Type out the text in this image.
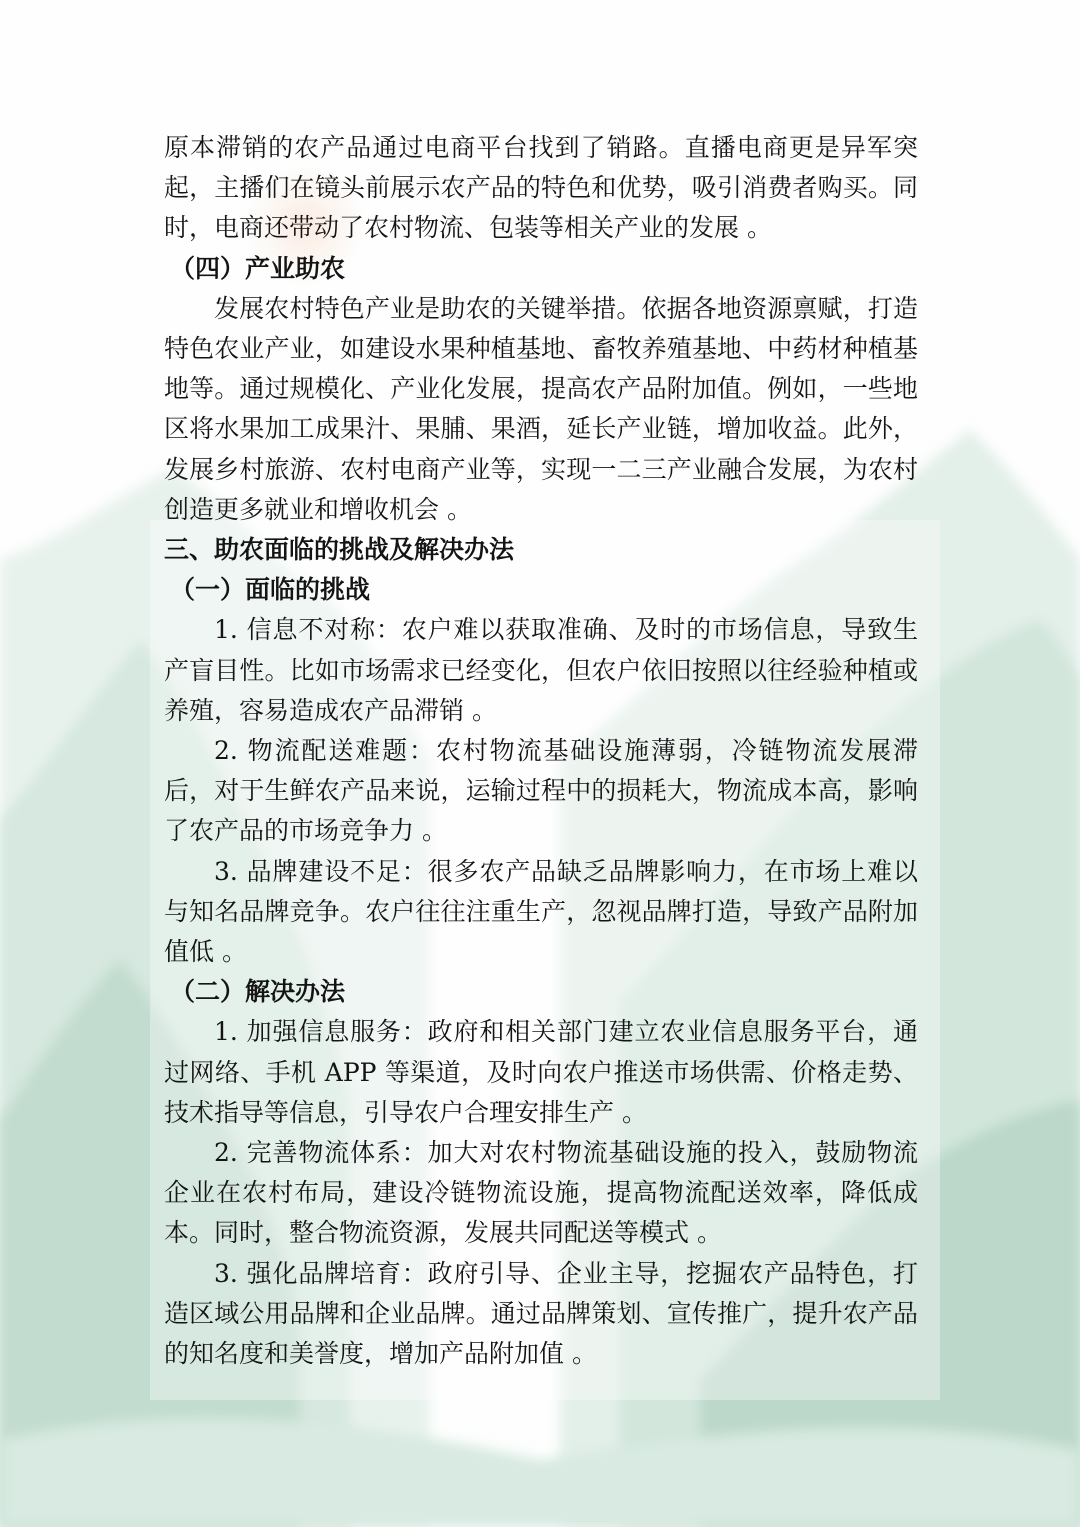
原本滞销的农产品通过电商平台找到了销路。直播电商更是异军突起，主播们在镜头前展示农产品的特色和优势，吸引消费者购买。同时，电商还带动了农村物流、包装等相关产业的发展 。

（四）产业助农

发展农村特色产业是助农的关键举措。依据各地资源禀赋，打造特色农业产业，如建设水果种植基地、畜牧养殖基地、中药材种植基地等。通过规模化、产业化发展，提高农产品附加值。例如，一些地区将水果加工成果汁、果脯、果酒，延长产业链，增加收益。此外，发展乡村旅游、农村电商产业等，实现一二三产业融合发展，为农村创造更多就业和增收机会 。

三、助农面临的挑战及解决办法
（一）面临的挑战

1. 信息不对称：农户难以获取准确、及时的市场信息，导致生产盲目性。比如市场需求已经变化，但农户依旧按照以往经验种植或养殖，容易造成农产品滞销 。

2. 物流配送难题：农村物流基础设施薄弱，冷链物流发展滞后，对于生鲜农产品来说，运输过程中的损耗大，物流成本高，影响了农产品的市场竞争力 。

3. 品牌建设不足：很多农产品缺乏品牌影响力，在市场上难以与知名品牌竞争。农户往往注重生产，忽视品牌打造，导致产品附加值低 。

（二）解决办法

1. 加强信息服务：政府和相关部门建立农业信息服务平台，通过网络、手机 APP 等渠道，及时向农户推送市场供需、价格走势、技术指导等信息，引导农户合理安排生产 。

2. 完善物流体系：加大对农村物流基础设施的投入，鼓励物流企业在农村布局，建设冷链物流设施，提高物流配送效率，降低成本。同时，整合物流资源，发展共同配送等模式 。

3. 强化品牌培育：政府引导、企业主导，挖掘农产品特色，打造区域公用品牌和企业品牌。通过品牌策划、宣传推广，提升农产品的知名度和美誉度，增加产品附加值 。
